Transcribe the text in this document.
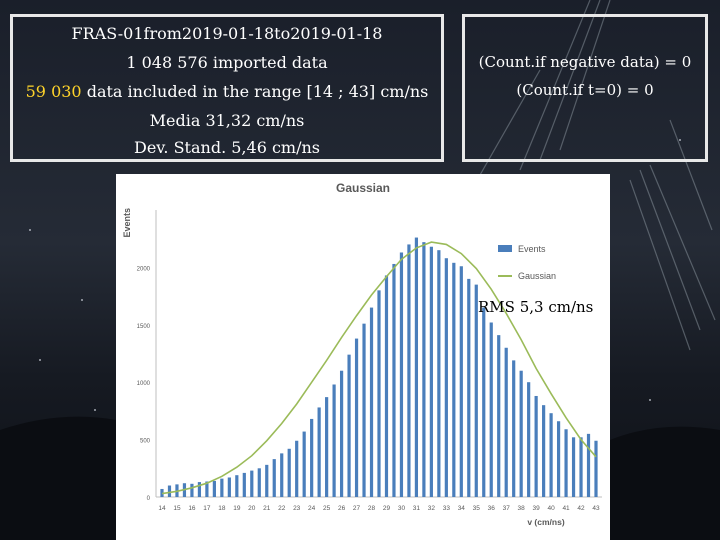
FRAS-01from2019-01-18to2019-01-18
1 048 576 imported data
59 030 data included in the range [14 ; 43] cm/ns
Media 31,32 cm/ns
Dev. Stand. 5,46 cm/ns
(Count.if negative data) = 0
(Count.if t=0) = 0
Gaussian
Events
0
500
1000
1500
2000
14 15 16 17 18 19 20 21 22 23 24 25 26 27 28 29 30 31 32 33 34 35 36 37 38 39 40 41 42 43
v (cm/ns)
Events
Gaussian
RMS 5,3 cm/ns
